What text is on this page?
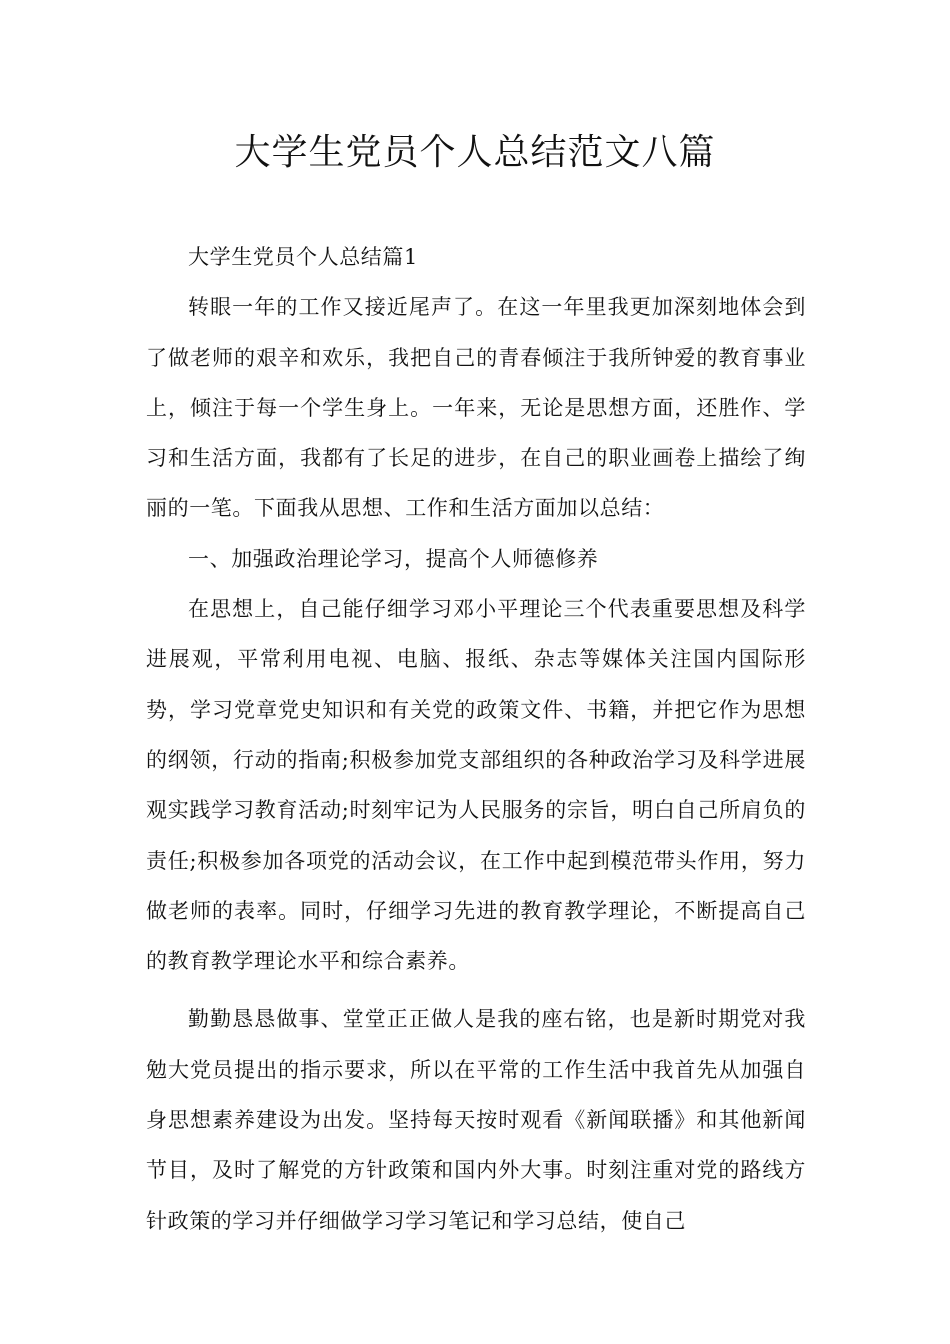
大学生党员个人总结范文八篇

大学生党员个人总结篇1

转眼一年的工作又接近尾声了。在这一年里我更加深刻地体会到了做老师的艰辛和欢乐，我把自己的青春倾注于我所钟爱的教育事业上，倾注于每一个学生身上。一年来，无论是思想方面，还胜作、学习和生活方面，我都有了长足的进步，在自己的职业画卷上描绘了绚丽的一笔。下面我从思想、工作和生活方面加以总结：

一、加强政治理论学习，提高个人师德修养

在思想上，自己能仔细学习邓小平理论三个代表重要思想及科学进展观，平常利用电视、电脑、报纸、杂志等媒体关注国内国际形势，学习党章党史知识和有关党的政策文件、书籍，并把它作为思想的纲领，行动的指南;积极参加党支部组织的各种政治学习及科学进展观实践学习教育活动;时刻牢记为人民服务的宗旨，明白自己所肩负的责任;积极参加各项党的活动会议，在工作中起到模范带头作用，努力做老师的表率。同时，仔细学习先进的教育教学理论，不断提高自己的教育教学理论水平和综合素养。

勤勤恳恳做事、堂堂正正做人是我的座右铭，也是新时期党对我勉大党员提出的指示要求，所以在平常的工作生活中我首先从加强自身思想素养建设为出发。坚持每天按时观看《新闻联播》和其他新闻节目，及时了解党的方针政策和国内外大事。时刻注重对党的路线方针政策的学习并仔细做学习学习笔记和学习总结，使自己
